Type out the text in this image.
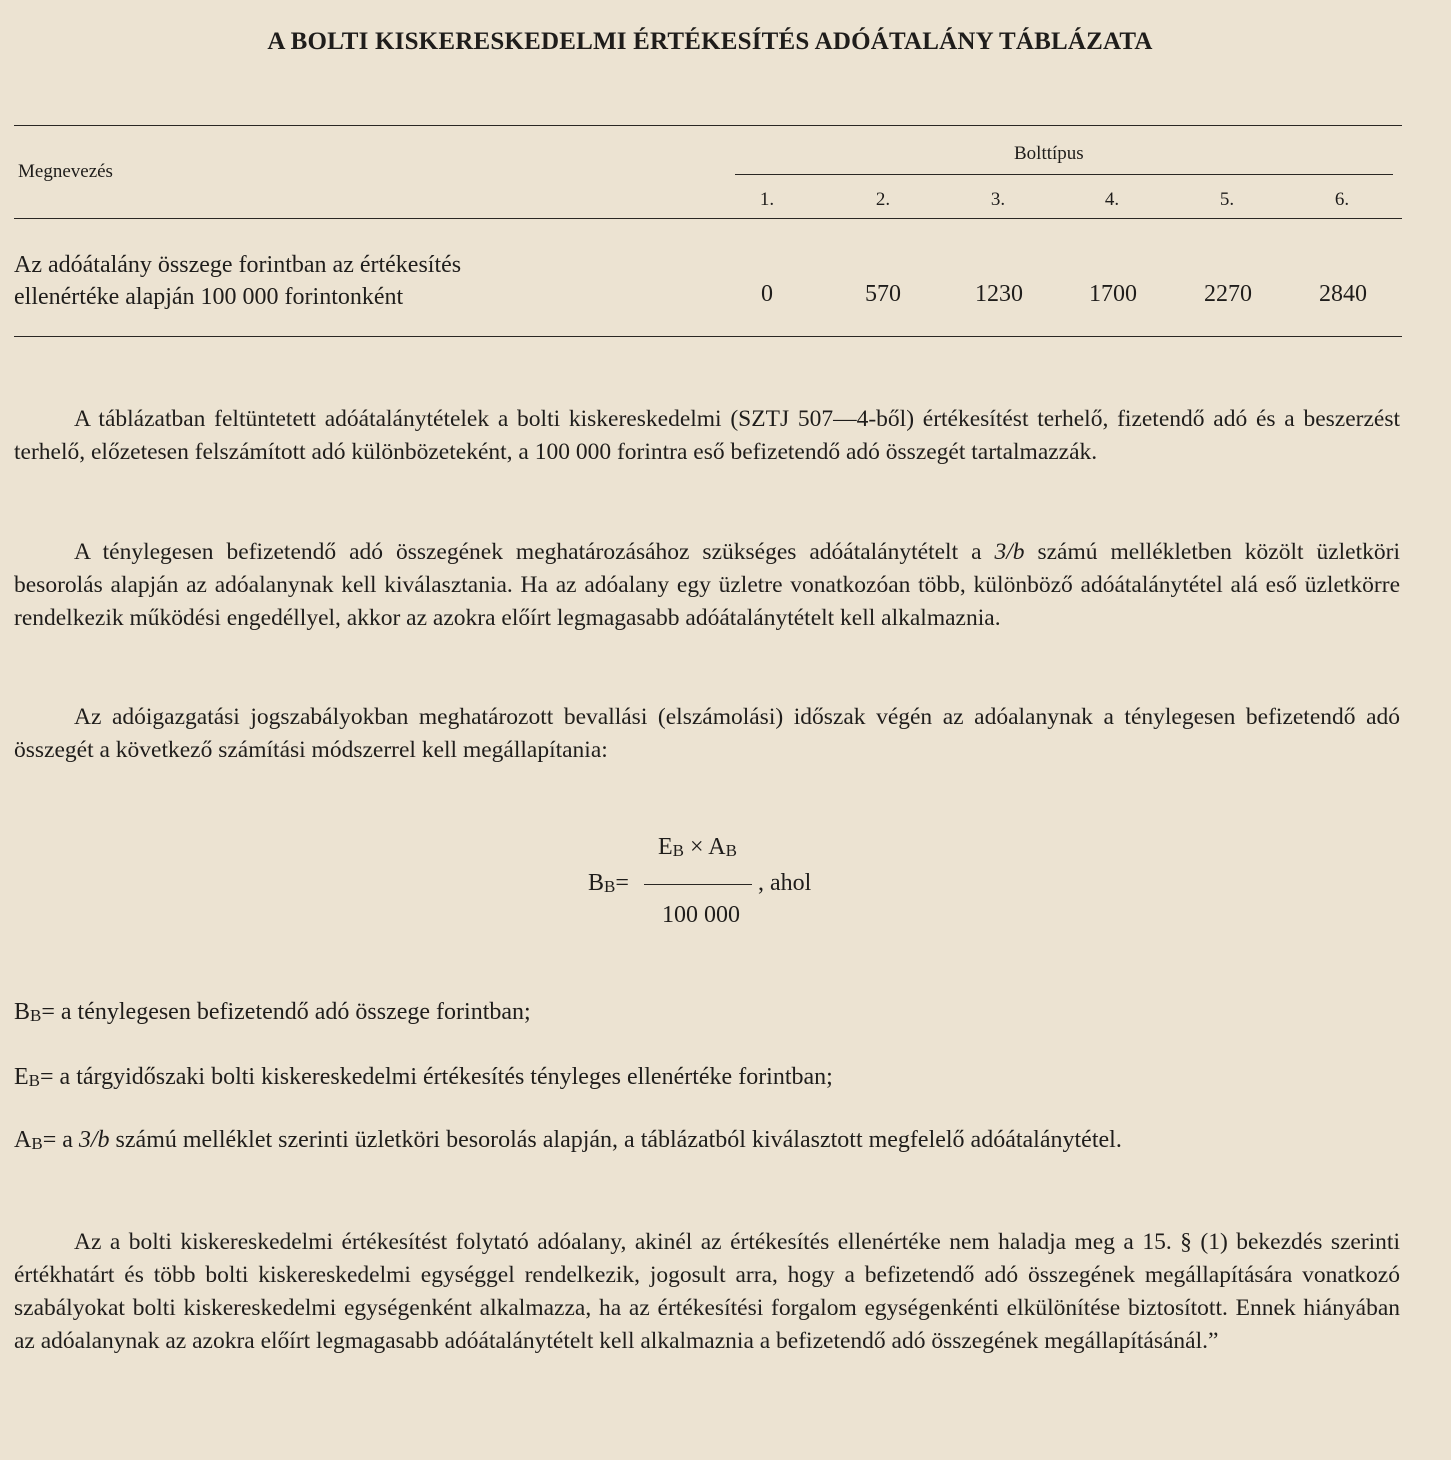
A BOLTI KISKERESKEDELMI ÉRTÉKESÍTÉS ADÓÁTALÁNY TÁBLÁZATA
Megnevezés
Bolttípus
1.	2.	3.	4.	5.	6.
Az adóátalány összege forintban az értékesítés
ellenértéke alapján 100 000 forintonként	0	570	1230	1700	2270	2840

A táblázatban feltüntetett adóátalánytételek a bolti kiskereskedelmi (SZTJ 507—4-ből) értékesítést terhelő, fizetendő adó és a beszerzést terhelő, előzetesen felszámított adó különbözeteként, a 100 000 forintra eső befizetendő adó összegét tartalmazzák.

A ténylegesen befizetendő adó összegének meghatározásához szükséges adóátalánytételt a 3/b számú mellékletben közölt üzletköri besorolás alapján az adóalanynak kell kiválasztania. Ha az adóalany egy üzletre vonatkozóan több, különböző adóátalánytétel alá eső üzletkörre rendelkezik működési engedéllyel, akkor az azokra előírt legmagasabb adóátalánytételt kell alkalmaznia.

Az adóigazgatási jogszabályokban meghatározott bevallási (elszámolási) időszak végén az adóalanynak a ténylegesen befizetendő adó összegét a következő számítási módszerrel kell megállapítania:

BB=
EB × AB
100 000
, ahol
BB= a ténylegesen befizetendő adó összege forintban;
EB= a tárgyidőszaki bolti kiskereskedelmi értékesítés tényleges ellenértéke forintban;
AB= a 3/b számú melléklet szerinti üzletköri besorolás alapján, a táblázatból kiválasztott megfelelő adóátalánytétel.

Az a bolti kiskereskedelmi értékesítést folytató adóalany, akinél az értékesítés ellenértéke nem haladja meg a 15. § (1) bekezdés szerinti értékhatárt és több bolti kiskereskedelmi egységgel rendelkezik, jogosult arra, hogy a befizetendő adó összegének megállapítására vonatkozó szabályokat bolti kiskereskedelmi egységenként alkalmazza, ha az értékesítési forgalom egységenkénti elkülönítése biztosított. Ennek hiányában az adóalanynak az azokra előírt legmagasabb adóátalánytételt kell alkalmaznia a befizetendő adó összegének megállapításánál.”
